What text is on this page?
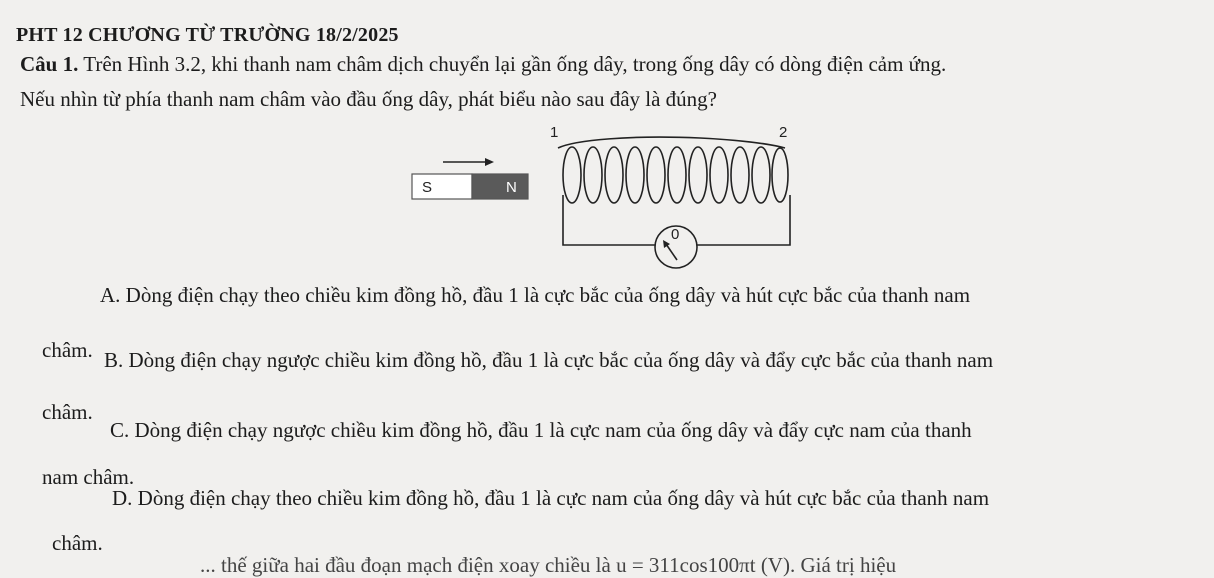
PHT 12 CHƯƠNG TỪ TRƯỜNG 18/2/2025
Câu 1. Trên Hình 3.2, khi thanh nam châm dịch chuyển lại gần ống dây, trong ống dây có dòng điện cảm ứng.
Nếu nhìn từ phía thanh nam châm vào đầu ống dây, phát biểu nào sau đây là đúng?
1	2
S	N
0
A. Dòng điện chạy theo chiều kim đồng hồ, đầu 1 là cực bắc của ống dây và hút cực bắc của thanh nam
châm. B. Dòng điện chạy ngược chiều kim đồng hồ, đầu 1 là cực bắc của ống dây và đẩy cực bắc của thanh nam
châm.
C. Dòng điện chạy ngược chiều kim đồng hồ, đầu 1 là cực nam của ống dây và đẩy cực nam của thanh
nam châm.
D. Dòng điện chạy theo chiều kim đồng hồ, đầu 1 là cực nam của ống dây và hút cực bắc của thanh nam
châm.
... thế giữa hai đầu đoạn mạch điện xoay chiều là u = 311cos100πt (V). Giá trị hiệu
